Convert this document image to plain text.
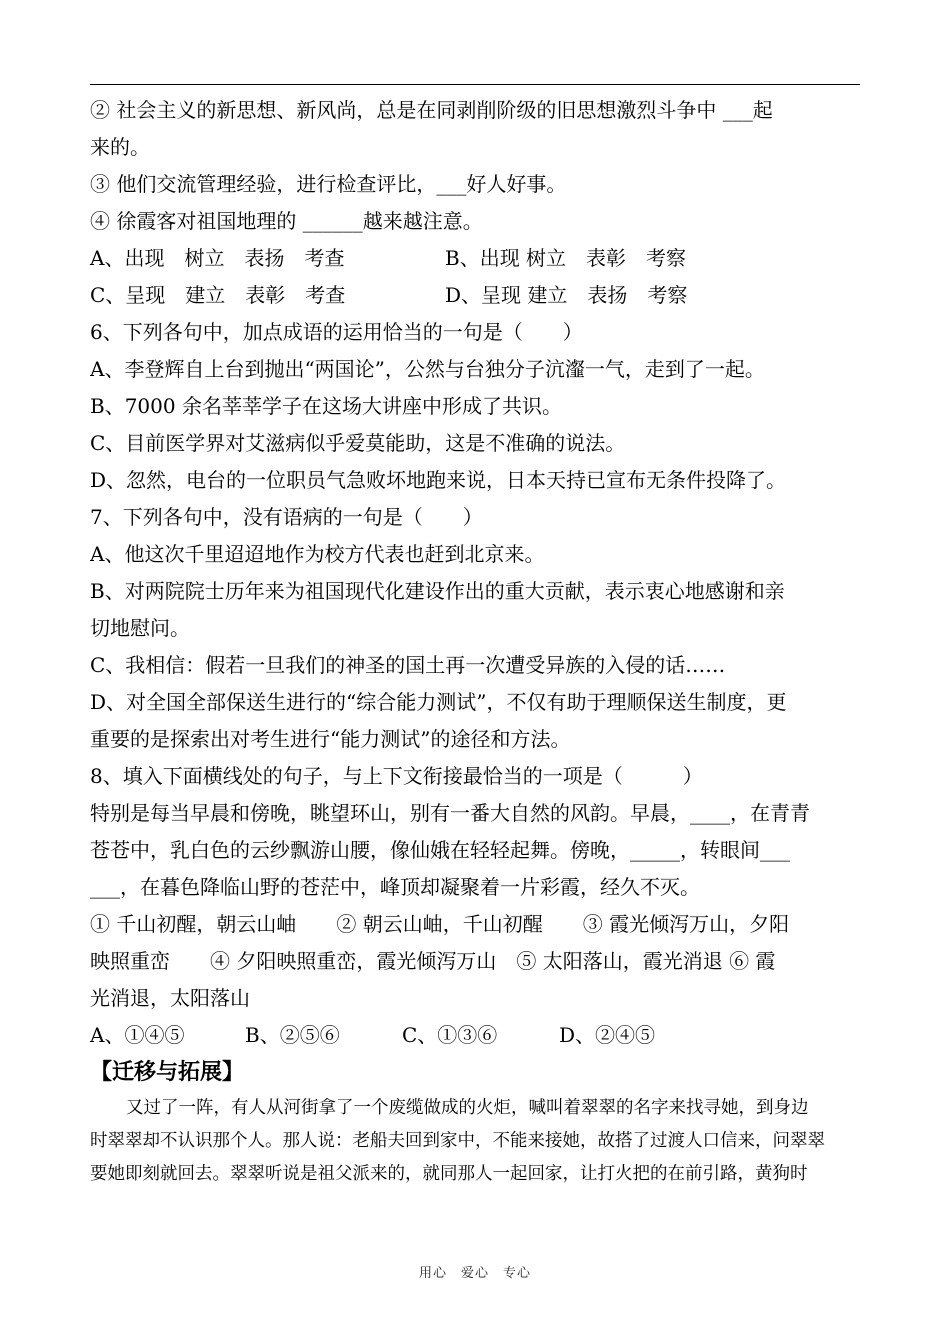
② 社会主义的新思想、新风尚，总是在同剥削阶级的旧思想激烈斗争中 ___起
来的。
③ 他们交流管理经验，进行检查评比，___好人好事。
④ 徐霞客对祖国地理的 ______越来越注意。
A、出现　树立　表扬　考查	B、出现 树立　表彰　考察
C、呈现　建立　表彰　考查	D、呈现 建立　表扬　考察
6、下列各句中，加点成语的运用恰当的一句是（　　）
A、李登辉自上台到抛出“两国论”，公然与台独分子沆瀣一气，走到了一起。
B、7000 余名莘莘学子在这场大讲座中形成了共识。
C、目前医学界对艾滋病似乎爱莫能助，这是不准确的说法。
D、忽然，电台的一位职员气急败坏地跑来说，日本天持已宣布无条件投降了。
7、下列各句中，没有语病的一句是（　　）
A、他这次千里迢迢地作为校方代表也赶到北京来。
B、对两院院士历年来为祖国现代化建设作出的重大贡献，表示衷心地感谢和亲
切地慰问。
C、我相信：假若一旦我们的神圣的国土再一次遭受异族的入侵的话……
D、对全国全部保送生进行的“综合能力测试”，不仅有助于理顺保送生制度，更
重要的是探索出对考生进行“能力测试”的途径和方法。
8、填入下面横线处的句子，与上下文衔接最恰当的一项是（　　　）
特别是每当早晨和傍晚，眺望环山，别有一番大自然的风韵。早晨，____，在青青
苍苍中，乳白色的云纱飘游山腰，像仙娥在轻轻起舞。傍晚，_____，转眼间___
___，在暮色降临山野的苍茫中，峰顶却凝聚着一片彩霞，经久不灭。
① 千山初醒，朝云山岫　　② 朝云山岫，千山初醒　　③ 霞光倾泻万山，夕阳
映照重峦　　④ 夕阳映照重峦，霞光倾泻万山　⑤ 太阳落山，霞光消退 ⑥ 霞
光消退，太阳落山
A、①④⑤	B、②⑤⑥	C、①③⑥	D、②④⑤
【迁移与拓展】
又过了一阵，有人从河街拿了一个废缆做成的火炬，喊叫着翠翠的名字来找寻她，到身边
时翠翠却不认识那个人。那人说：老船夫回到家中，不能来接她，故搭了过渡人口信来，问翠翠
要她即刻就回去。翠翠听说是祖父派来的，就同那人一起回家，让打火把的在前引路，黄狗时
用心　爱心　专心
